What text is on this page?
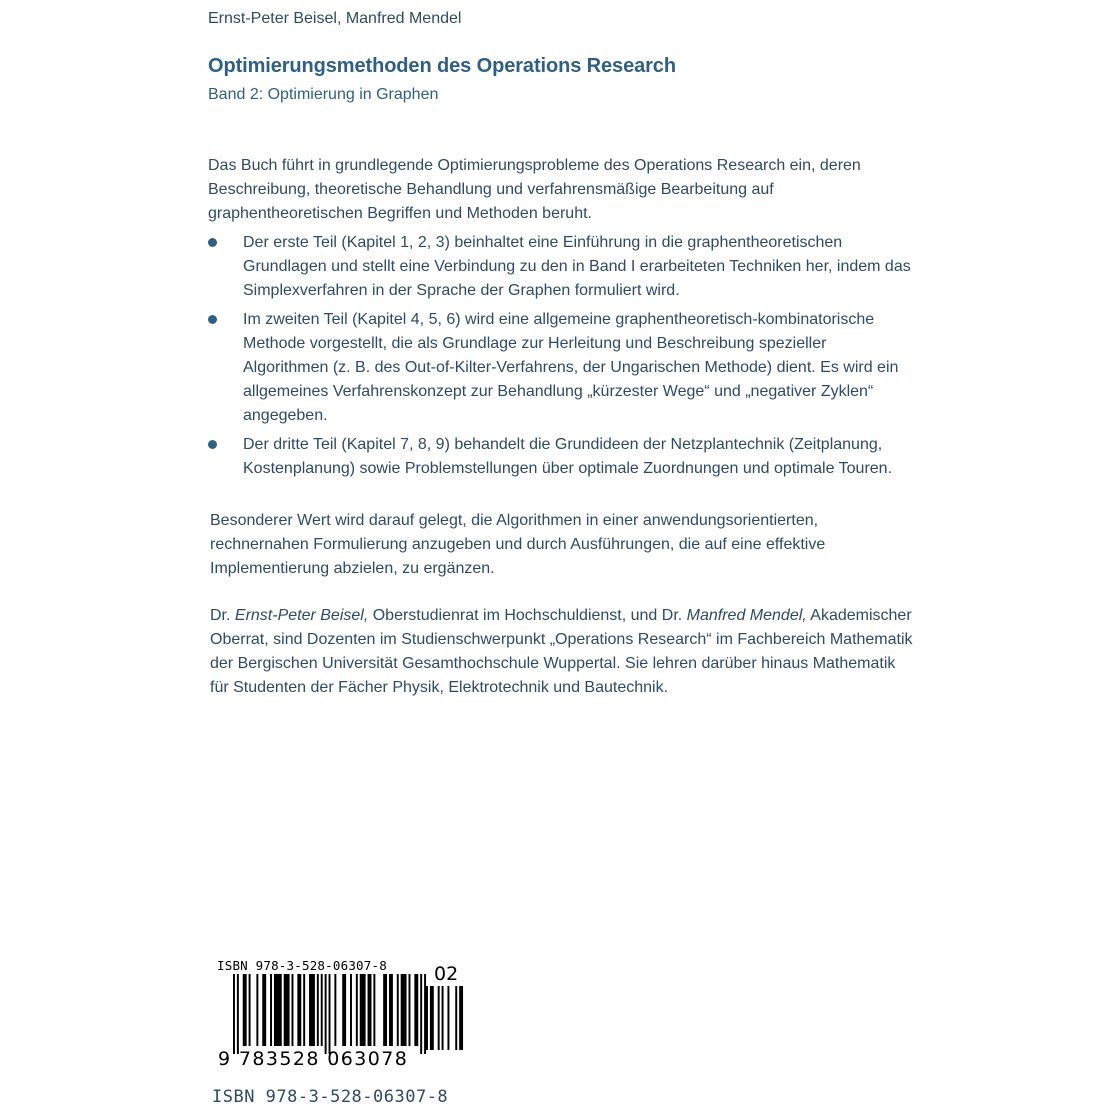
Ernst-Peter Beisel, Manfred Mendel
Optimierungsmethoden des Operations Research
Band 2: Optimierung in Graphen
Das Buch führt in grundlegende Optimierungsprobleme des Operations Research ein, deren Beschreibung, theoretische Behandlung und verfahrensmäßige Bearbeitung auf graphentheoretischen Begriffen und Methoden beruht.
Der erste Teil (Kapitel 1, 2, 3) beinhaltet eine Einführung in die graphentheoretischen Grundlagen und stellt eine Verbindung zu den in Band I erarbeiteten Techniken her, indem das Simplexverfahren in der Sprache der Graphen formuliert wird.
Im zweiten Teil (Kapitel 4, 5, 6) wird eine allgemeine graphentheoretisch-kombinatorische Methode vorgestellt, die als Grundlage zur Herleitung und Beschreibung spezieller Algorithmen (z. B. des Out-of-Kilter-Verfahrens, der Ungarischen Methode) dient. Es wird ein allgemeines Verfahrenskonzept zur Behandlung „kürzester Wege“ und „negativer Zyklen“ angegeben.
Der dritte Teil (Kapitel 7, 8, 9) behandelt die Grundideen der Netzplantechnik (Zeitplanung, Kostenplanung) sowie Problemstellungen über optimale Zuordnungen und optimale Touren.
Besonderer Wert wird darauf gelegt, die Algorithmen in einer anwendungsorientierten, rechnernahen Formulierung anzugeben und durch Ausführungen, die auf eine effektive Implementierung abzielen, zu ergänzen.
Dr. Ernst-Peter Beisel, Oberstudienrat im Hochschuldienst, und Dr. Manfred Mendel, Akademischer Oberrat, sind Dozenten im Studienschwerpunkt „Operations Research“ im Fachbereich Mathematik der Bergischen Universität Gesamthochschule Wuppertal. Sie lehren darüber hinaus Mathematik für Studenten der Fächer Physik, Elektrotechnik und Bautechnik.
ISBN 978-3-528-06307-8 02
9 783528 063078
ISBN 978-3-528-06307-8
